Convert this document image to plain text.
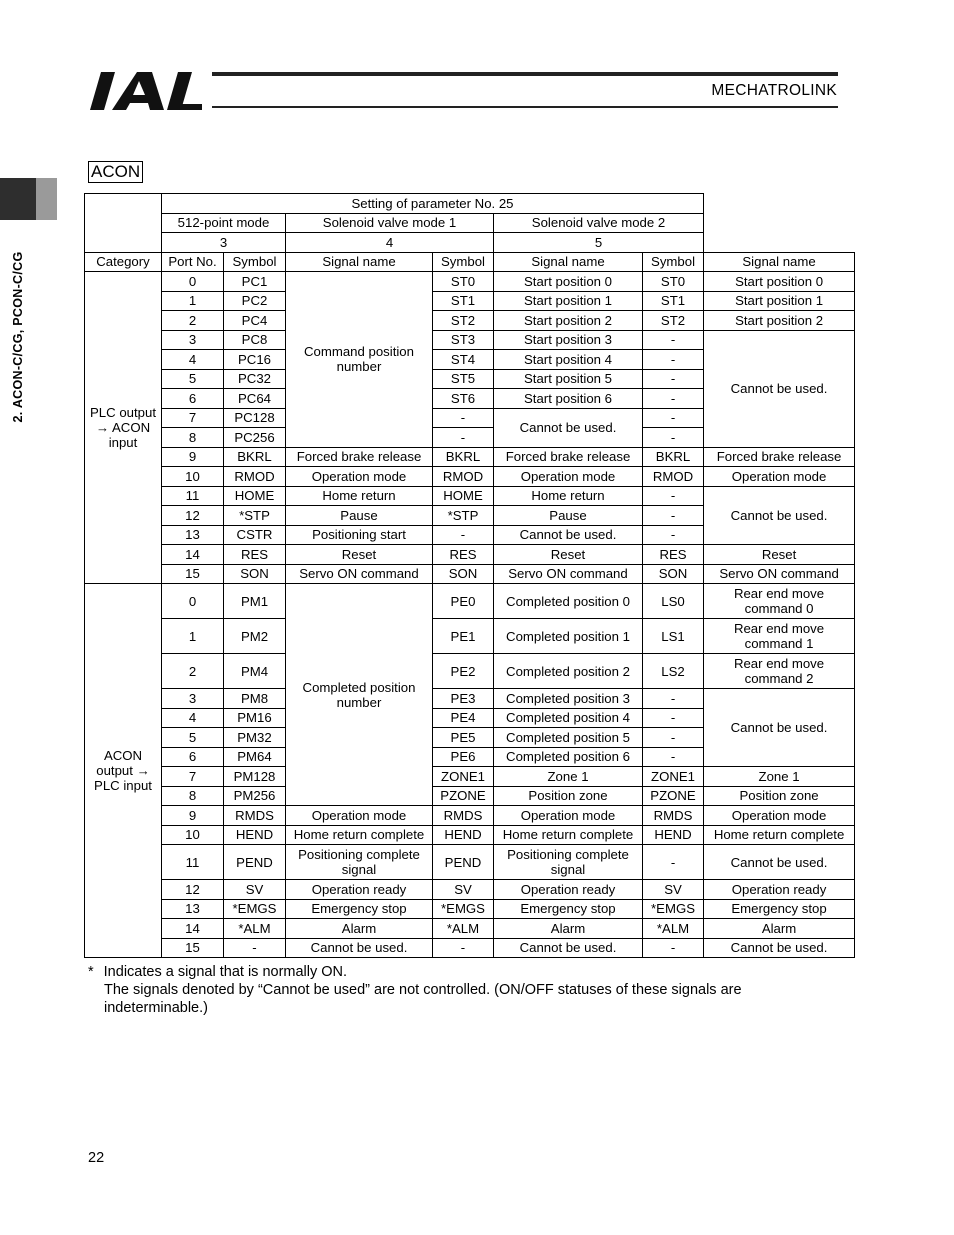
MECHATROLINK
2. ACON-C/CG, PCON-C/CG
ACON
	Setting of parameter No. 25						
	512-point mode		Solenoid valve mode 1		Solenoid valve mode 2		
	3		4		5		
Category	Port No.	Symbol	Signal name	Symbol	Signal name	Symbol	Signal name
PLC output → ACON input	0	PC1	Command position number	ST0	Start position 0	ST0	Start position 0
	1	PC2		ST1	Start position 1	ST1	Start position 1
	2	PC4		ST2	Start position 2	ST2	Start position 2
	3	PC8		ST3	Start position 3	-	Cannot be used.
	4	PC16		ST4	Start position 4	-	
	5	PC32		ST5	Start position 5	-	
	6	PC64		ST6	Start position 6	-	
	7	PC128		-	Cannot be used.	-	
	8	PC256		-		-	
	9	BKRL	Forced brake release	BKRL	Forced brake release	BKRL	Forced brake release
	10	RMOD	Operation mode	RMOD	Operation mode	RMOD	Operation mode
	11	HOME	Home return	HOME	Home return	-	Cannot be used.
	12	*STP	Pause	*STP	Pause	-	
	13	CSTR	Positioning start	-	Cannot be used.	-	
	14	RES	Reset	RES	Reset	RES	Reset
	15	SON	Servo ON command	SON	Servo ON command	SON	Servo ON command
ACON output → PLC input	0	PM1	Completed position number	PE0	Completed position 0	LS0	Rear end move command 0
	1	PM2		PE1	Completed position 1	LS1	Rear end move command 1
	2	PM4		PE2	Completed position 2	LS2	Rear end move command 2
	3	PM8		PE3	Completed position 3	-	Cannot be used.
	4	PM16		PE4	Completed position 4	-	
	5	PM32		PE5	Completed position 5	-	
	6	PM64		PE6	Completed position 6	-	
	7	PM128		ZONE1	Zone 1	ZONE1	Zone 1
	8	PM256		PZONE	Position zone	PZONE	Position zone
	9	RMDS	Operation mode	RMDS	Operation mode	RMDS	Operation mode
	10	HEND	Home return complete	HEND	Home return complete	HEND	Home return complete
	11	PEND	Positioning complete signal	PEND	Positioning complete signal	-	Cannot be used.
	12	SV	Operation ready	SV	Operation ready	SV	Operation ready
	13	*EMGS	Emergency stop	*EMGS	Emergency stop	*EMGS	Emergency stop
	14	*ALM	Alarm	*ALM	Alarm	*ALM	Alarm
	15	-	Cannot be used.	-	Cannot be used.	-	Cannot be used.
* Indicates a signal that is normally ON.
The signals denoted by “Cannot be used” are not controlled. (ON/OFF statuses of these signals are
indeterminable.)
22
